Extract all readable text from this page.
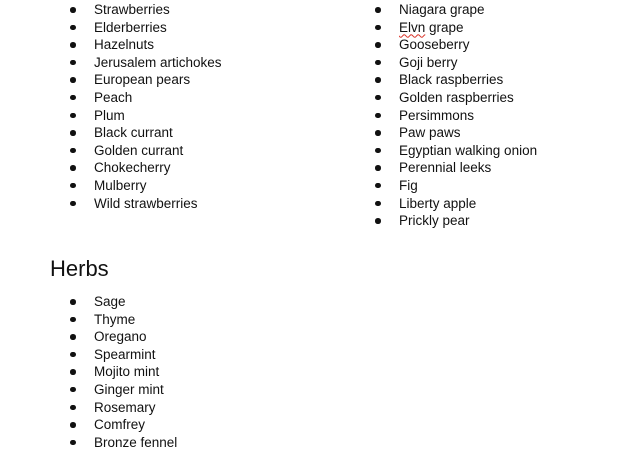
Strawberries
Elderberries
Hazelnuts
Jerusalem artichokes
European pears
Peach
Plum
Black currant
Golden currant
Chokecherry
Mulberry
Wild strawberries
Niagara grape
Elvn grape
Gooseberry
Goji berry
Black raspberries
Golden raspberries
Persimmons
Paw paws
Egyptian walking onion
Perennial leeks
Fig
Liberty apple
Prickly pear
Herbs
Sage
Thyme
Oregano
Spearmint
Mojito mint
Ginger mint
Rosemary
Comfrey
Bronze fennel
